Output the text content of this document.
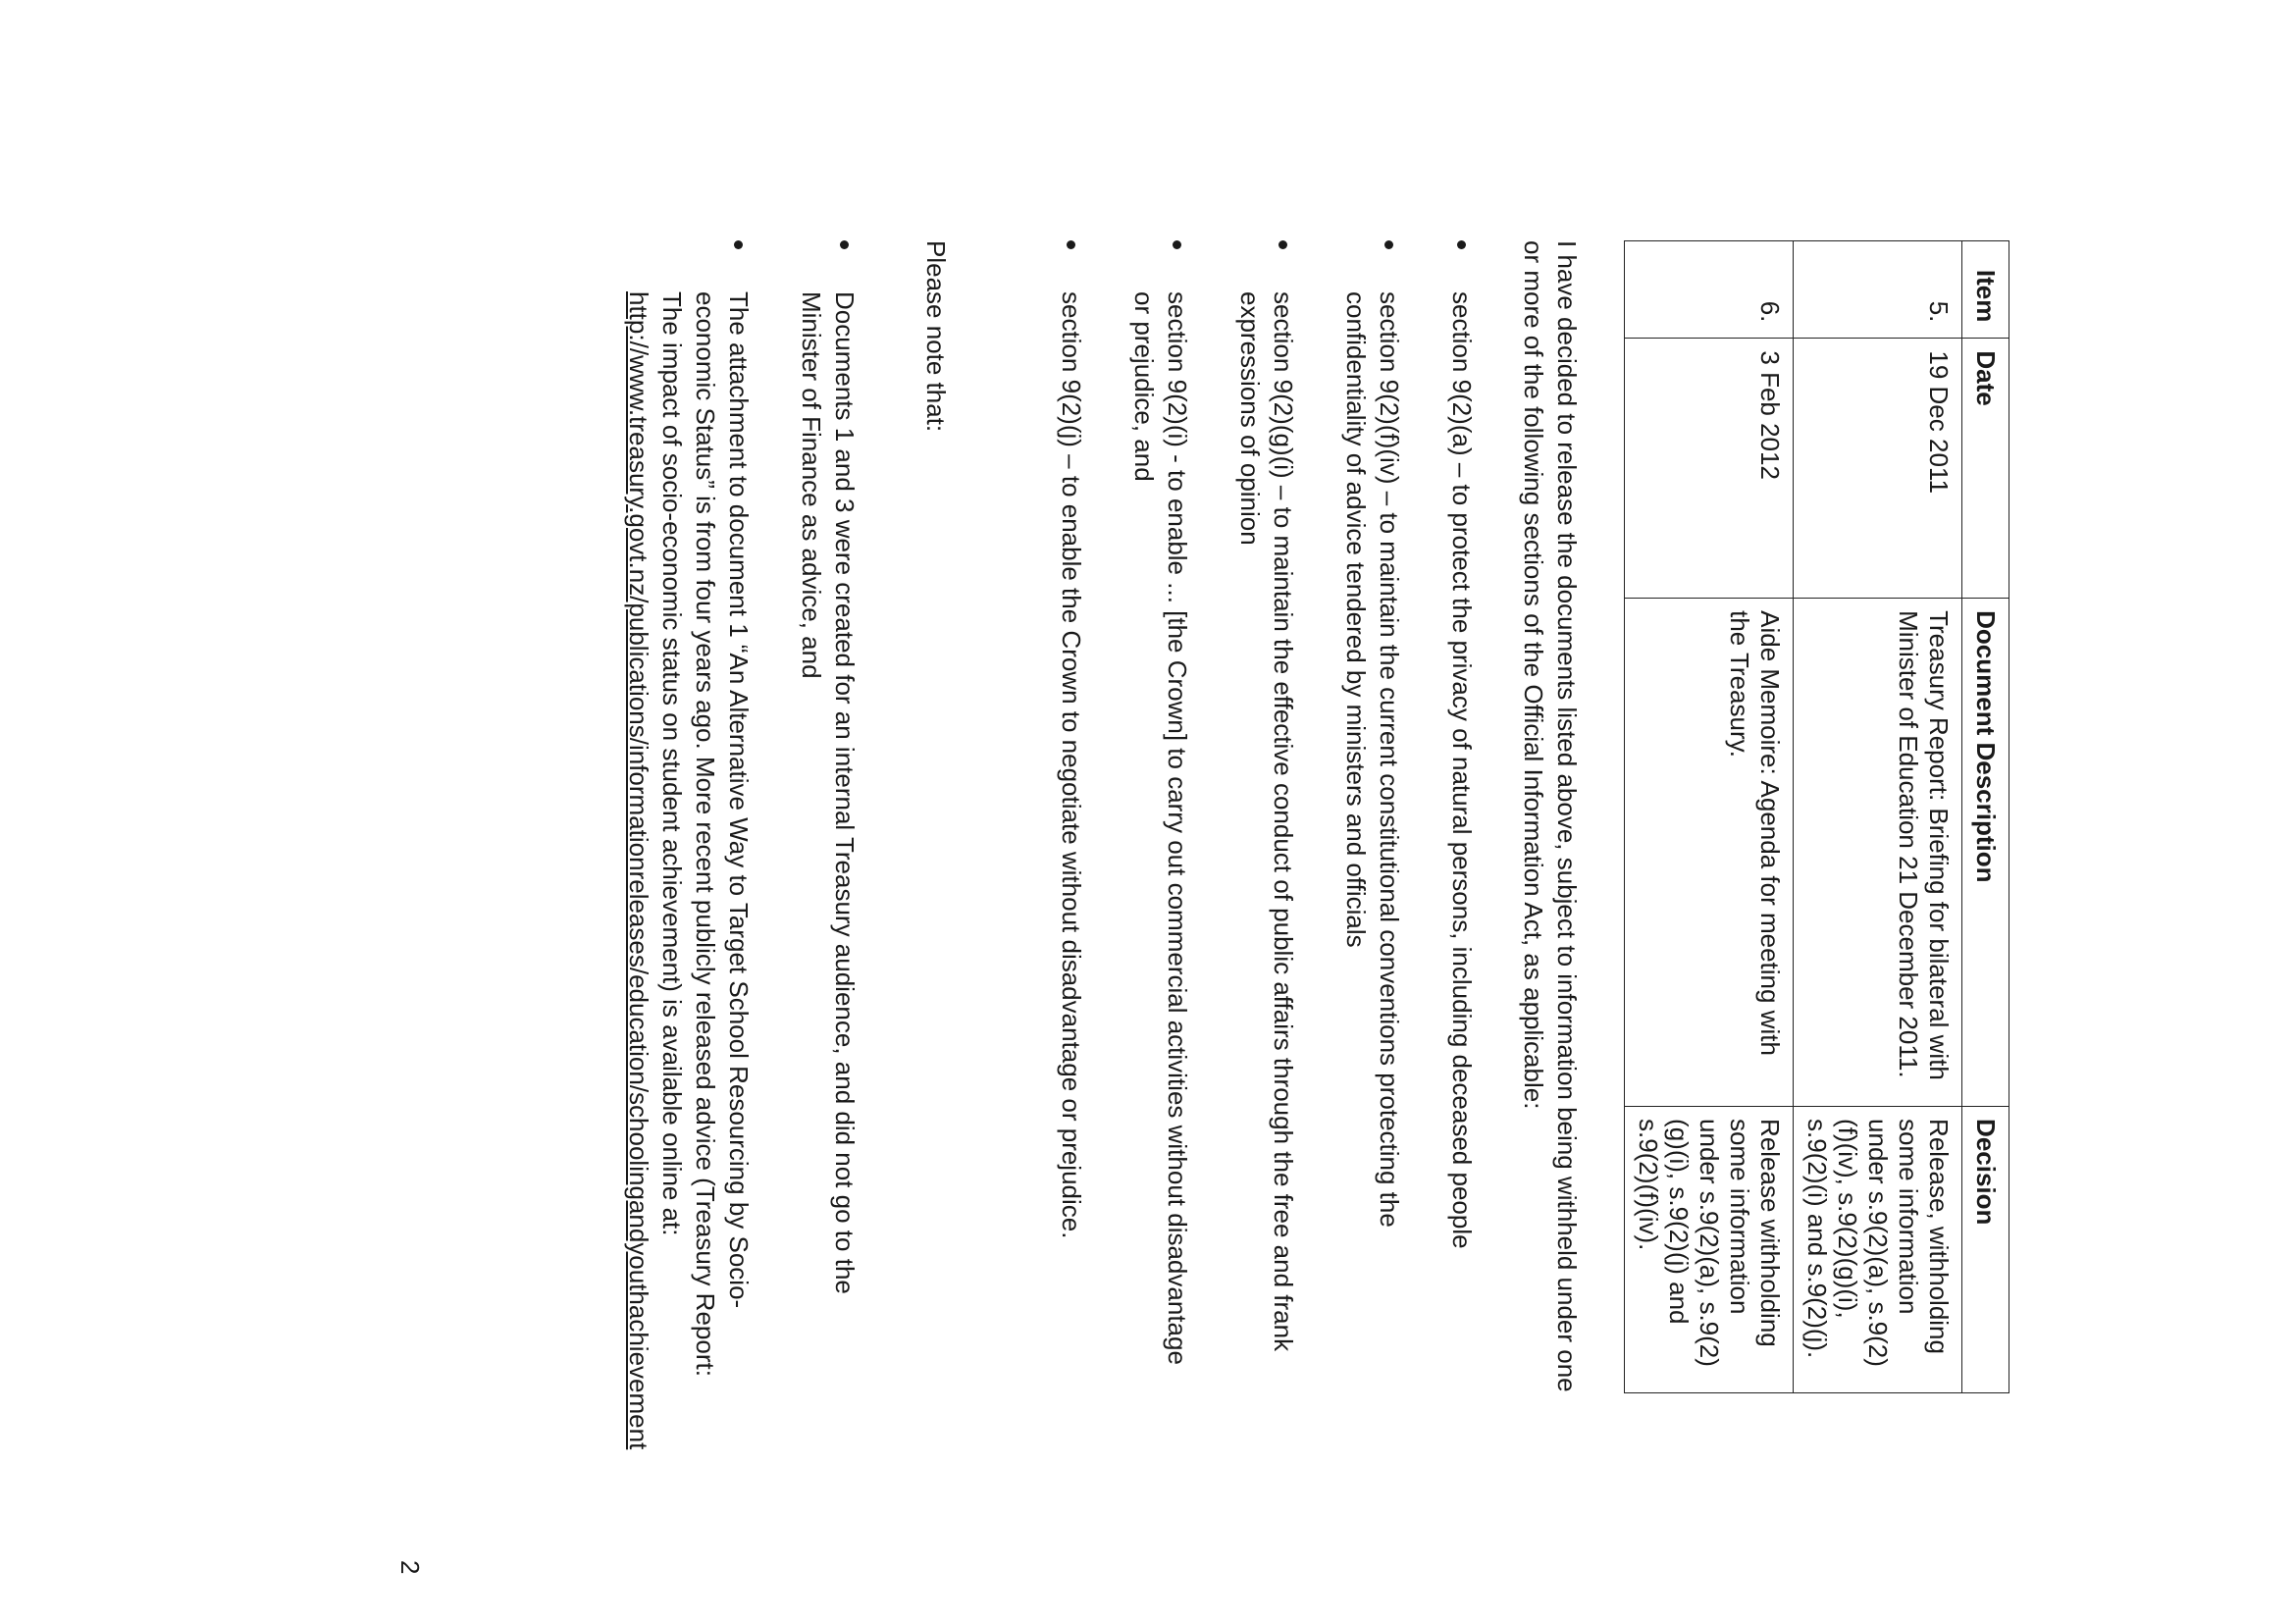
Item	Date	Document Description	Decision
5.	19 Dec 2011	Treasury Report: Briefing for bilateral with Minister of Education 21 December 2011.	Release, withholding some information under s.9(2)(a), s.9(2)(f)(iv), s.9(2)(g)(i), s.9(2)(i) and s.9(2)(j).
6.	3 Feb 2012	Aide Memoire: Agenda for meeting with the Treasury.	Release withholding some information under s.9(2)(a), s.9(2)(g)(i), s.9(2)(j) and s.9(2)(f)(iv).

I have decided to release the documents listed above, subject to information being withheld under one or more of the following sections of the Official Information Act, as applicable:

section 9(2)(a) – to protect the privacy of natural persons, including deceased people
section 9(2)(f)(iv) – to maintain the current constitutional conventions protecting the confidentiality of advice tendered by ministers and officials
section 9(2)(g)(i) – to maintain the effective conduct of public affairs through the free and frank expressions of opinion
section 9(2)(i) - to enable ... [the Crown] to carry out commercial activities without disadvantage or prejudice, and
section 9(2)(j) – to enable the Crown to negotiate without disadvantage or prejudice.

Please note that:

Documents 1 and 3 were created for an internal Treasury audience, and did not go to the Minister of Finance as advice, and
The attachment to document 1 “An Alternative Way to Target School Resourcing by Socio-economic Status” is from four years ago. More recent publicly released advice (Treasury Report: The impact of socio-economic status on student achievement) is available online at: http://www.treasury.govt.nz/publications/informationreleases/education/schoolingandyouthachievement
2
